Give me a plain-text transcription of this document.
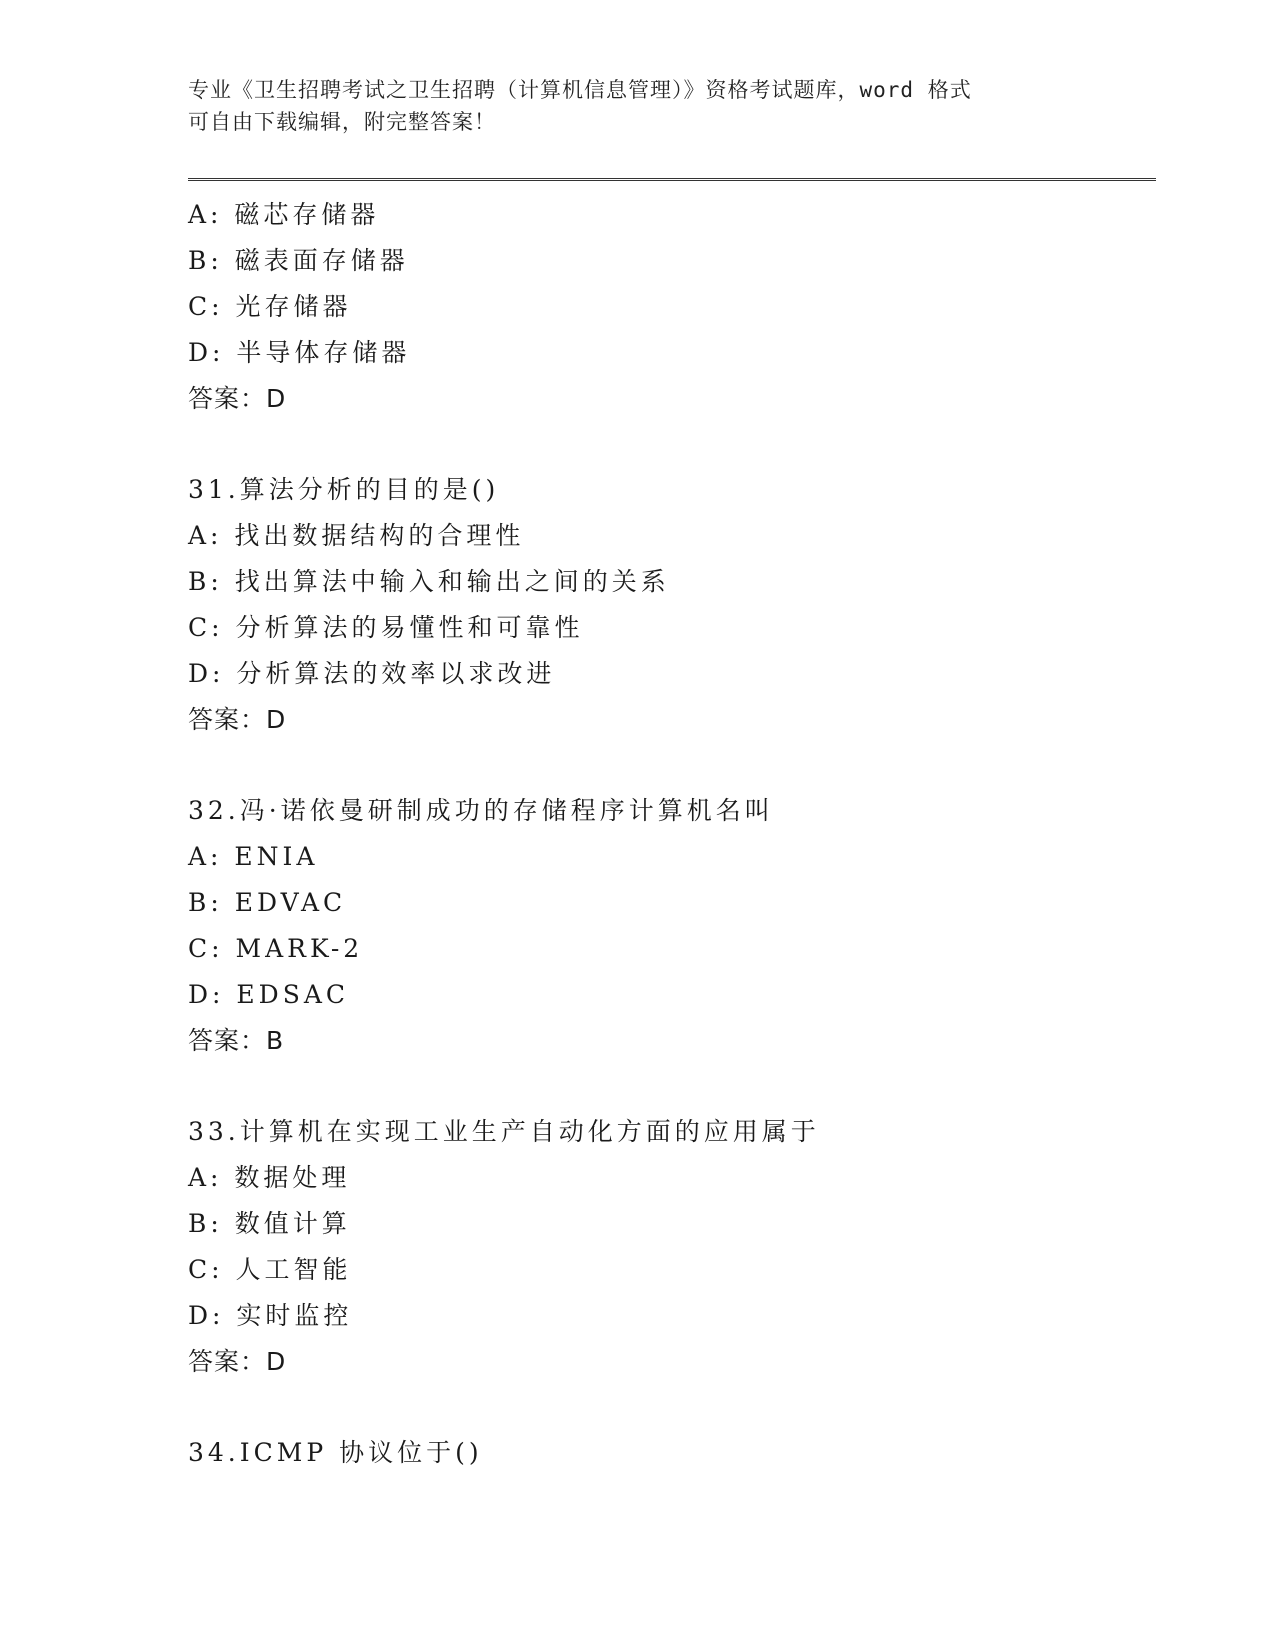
专业《卫生招聘考试之卫生招聘（计算机信息管理）》资格考试题库，word 格式
可自由下载编辑，附完整答案！
A: 磁芯存储器
B: 磁表面存储器
C: 光存储器
D: 半导体存储器
答案：D
31.算法分析的目的是()
A: 找出数据结构的合理性
B: 找出算法中输入和输出之间的关系
C: 分析算法的易懂性和可靠性
D: 分析算法的效率以求改进
答案：D
32.冯·诺依曼研制成功的存储程序计算机名叫
A: ENIA
B: EDVAC
C: MARK-2
D: EDSAC
答案：B
33.计算机在实现工业生产自动化方面的应用属于
A: 数据处理
B: 数值计算
C: 人工智能
D: 实时监控
答案：D
34.ICMP 协议位于()
